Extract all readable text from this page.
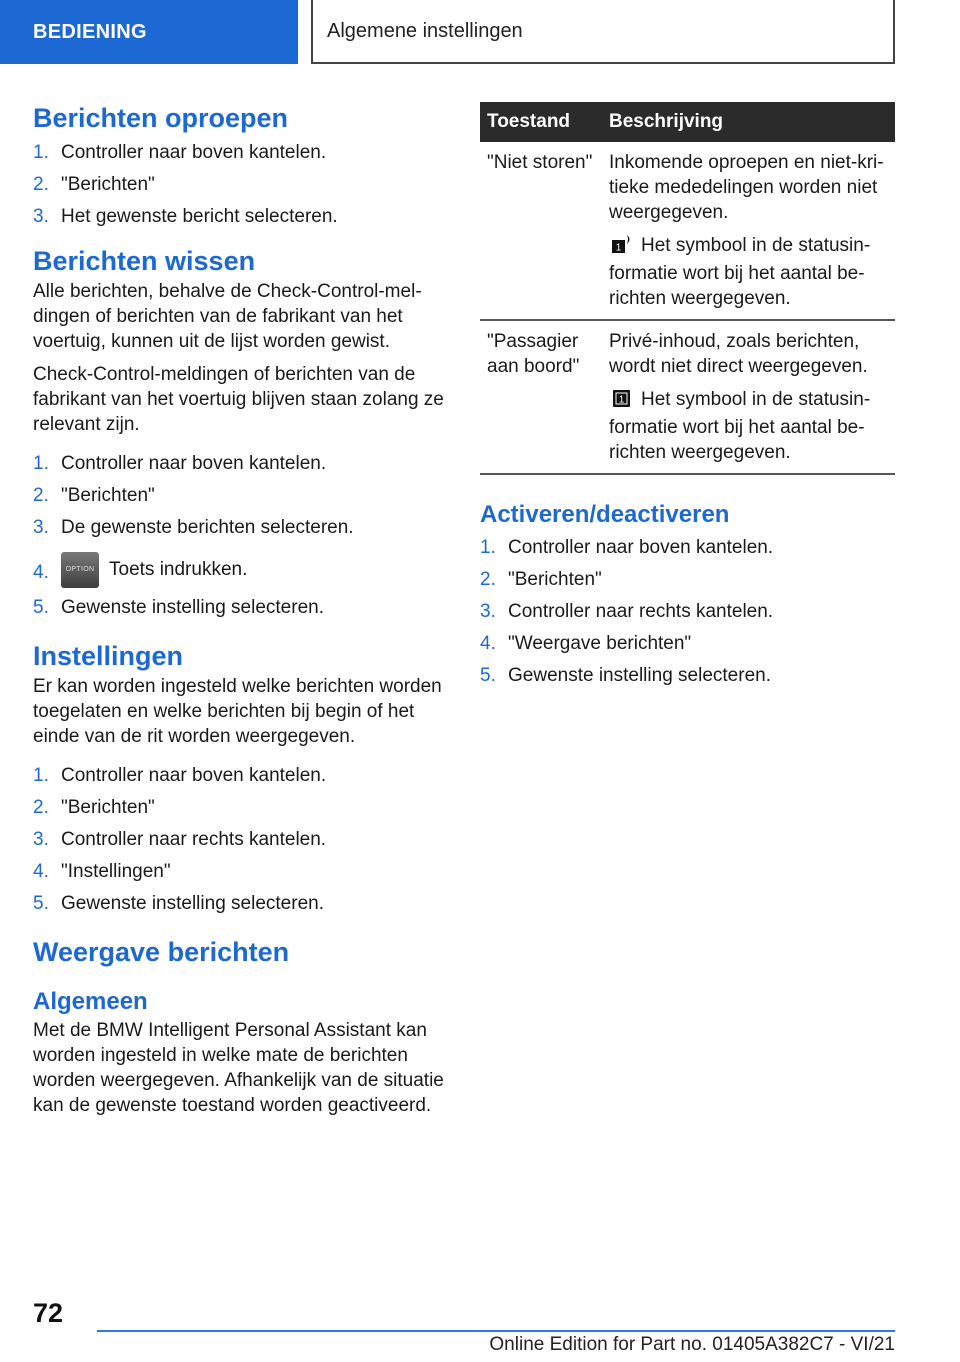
BEDIENING	Algemene instellingen
Berichten oproepen
1. Controller naar boven kantelen.
2. "Berichten"
3. Het gewenste bericht selecteren.
Berichten wissen

Alle berichten, behalve de Check-Control-meldingen of berichten van de fabrikant van het voertuig, kunnen uit de lijst worden gewist.

Check-Control-meldingen of berichten van de fabrikant van het voertuig blijven staan zolang ze relevant zijn.

1. Controller naar boven kantelen.
2. "Berichten"
3. De gewenste berichten selecteren.
4. OPTION Toets indrukken.
5. Gewenste instelling selecteren.
Instellingen

Er kan worden ingesteld welke berichten worden toegelaten en welke berichten bij begin of het einde van de rit worden weergegeven.

1. Controller naar boven kantelen.
2. "Berichten"
3. Controller naar rechts kantelen.
4. "Instellingen"
5. Gewenste instelling selecteren.
Weergave berichten
Algemeen

Met de BMW Intelligent Personal Assistant kan worden ingesteld in welke mate de berichten worden weergegeven. Afhankelijk van de situatie kan de gewenste toestand worden geactiveerd.

Toestand	Beschrijving
"Niet storen"	Inkomende oproepen en niet-kritieke mededelingen worden niet weergegeven.

1 Het symbool in de statusinformatie wort bij het aantal berichten weergegeven.

"Passagier aan boord"	Privé-inhoud, zoals berichten, wordt niet direct weergegeven.

1 Het symbool in de statusinformatie wort bij het aantal berichten weergegeven.

Activeren/deactiveren
1. Controller naar boven kantelen.
2. "Berichten"
3. Controller naar rechts kantelen.
4. "Weergave berichten"
5. Gewenste instelling selecteren.
72
Online Edition for Part no. 01405A382C7 - VI/21
